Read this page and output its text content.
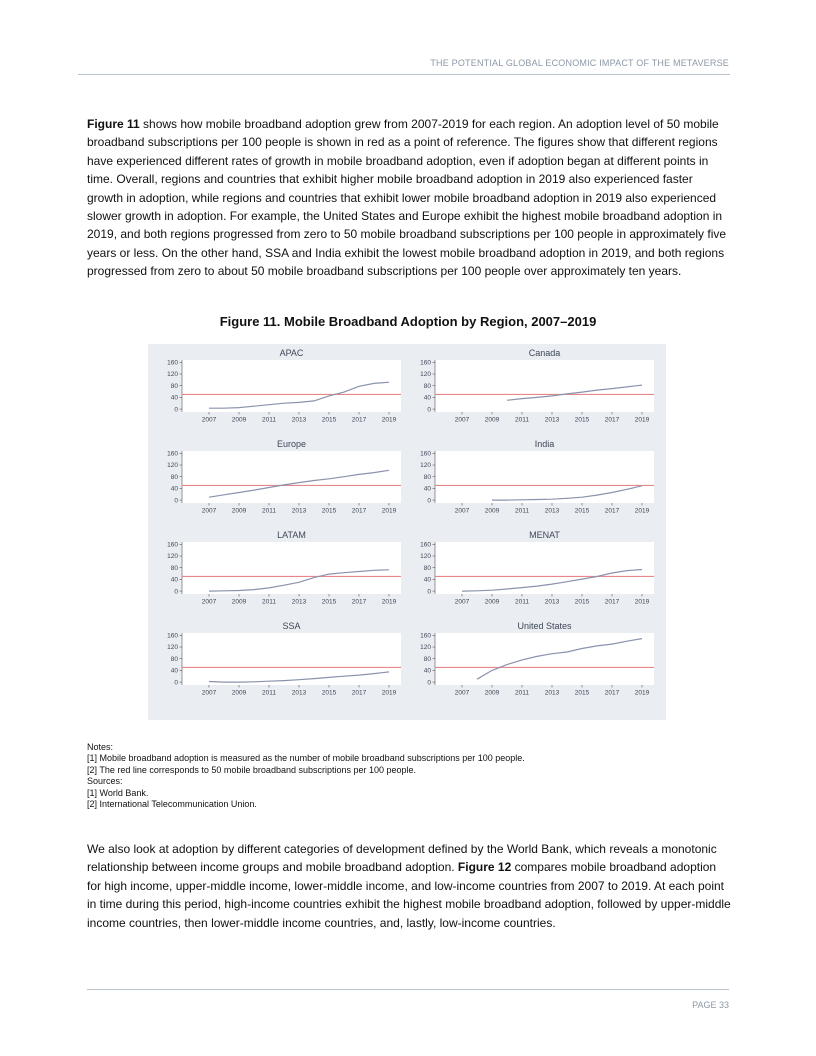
THE POTENTIAL GLOBAL ECONOMIC IMPACT OF THE METAVERSE

Figure 11 shows how mobile broadband adoption grew from 2007-2019 for each region. An adoption level of 50 mobile broadband subscriptions per 100 people is shown in red as a point of reference. The figures show that different regions have experienced different rates of growth in mobile broadband adoption, even if adoption began at different points in time. Overall, regions and countries that exhibit higher mobile broadband adoption in 2019 also experienced faster growth in adoption, while regions and countries that exhibit lower mobile broadband adoption in 2019 also experienced slower growth in adoption. For example, the United States and Europe exhibit the highest mobile broadband adoption in 2019, and both regions progressed from zero to 50 mobile broadband subscriptions per 100 people in approximately five years or less. On the other hand, SSA and India exhibit the lowest mobile broadband adoption in 2019, and both regions progressed from zero to about 50 mobile broadband subscriptions per 100 people over approximately ten years.

Figure 11. Mobile Broadband Adoption by Region, 2007–2019
APAC
0
40
80
120
160
2007 2009 2011 2013 2015 2017 2019
Canada
0
40
80
120
160
2007 2009 2011 2013 2015 2017 2019
Europe
0
40
80
120
160
2007 2009 2011 2013 2015 2017 2019
India
0
40
80
120
160
2007 2009 2011 2013 2015 2017 2019
LATAM
0
40
80
120
160
2007 2009 2011 2013 2015 2017 2019
MENAT
0
40
80
120
160
2007 2009 2011 2013 2015 2017 2019
SSA
0
40
80
120
160
2007 2009 2011 2013 2015 2017 2019
United States
0
40
80
120
160
2007 2009 2011 2013 2015 2017 2019
Notes:
[1] Mobile broadband adoption is measured as the number of mobile broadband subscriptions per 100 people.
[2] The red line corresponds to 50 mobile broadband subscriptions per 100 people.
Sources:
[1] World Bank.
[2] International Telecommunication Union.

We also look at adoption by different categories of development defined by the World Bank, which reveals a monotonic relationship between income groups and mobile broadband adoption. Figure 12 compares mobile broadband adoption for high income, upper-middle income, lower-middle income, and low-income countries from 2007 to 2019. At each point in time during this period, high-income countries exhibit the highest mobile broadband adoption, followed by upper-middle income countries, then lower-middle income countries, and, lastly, low-income countries.

PAGE 33
